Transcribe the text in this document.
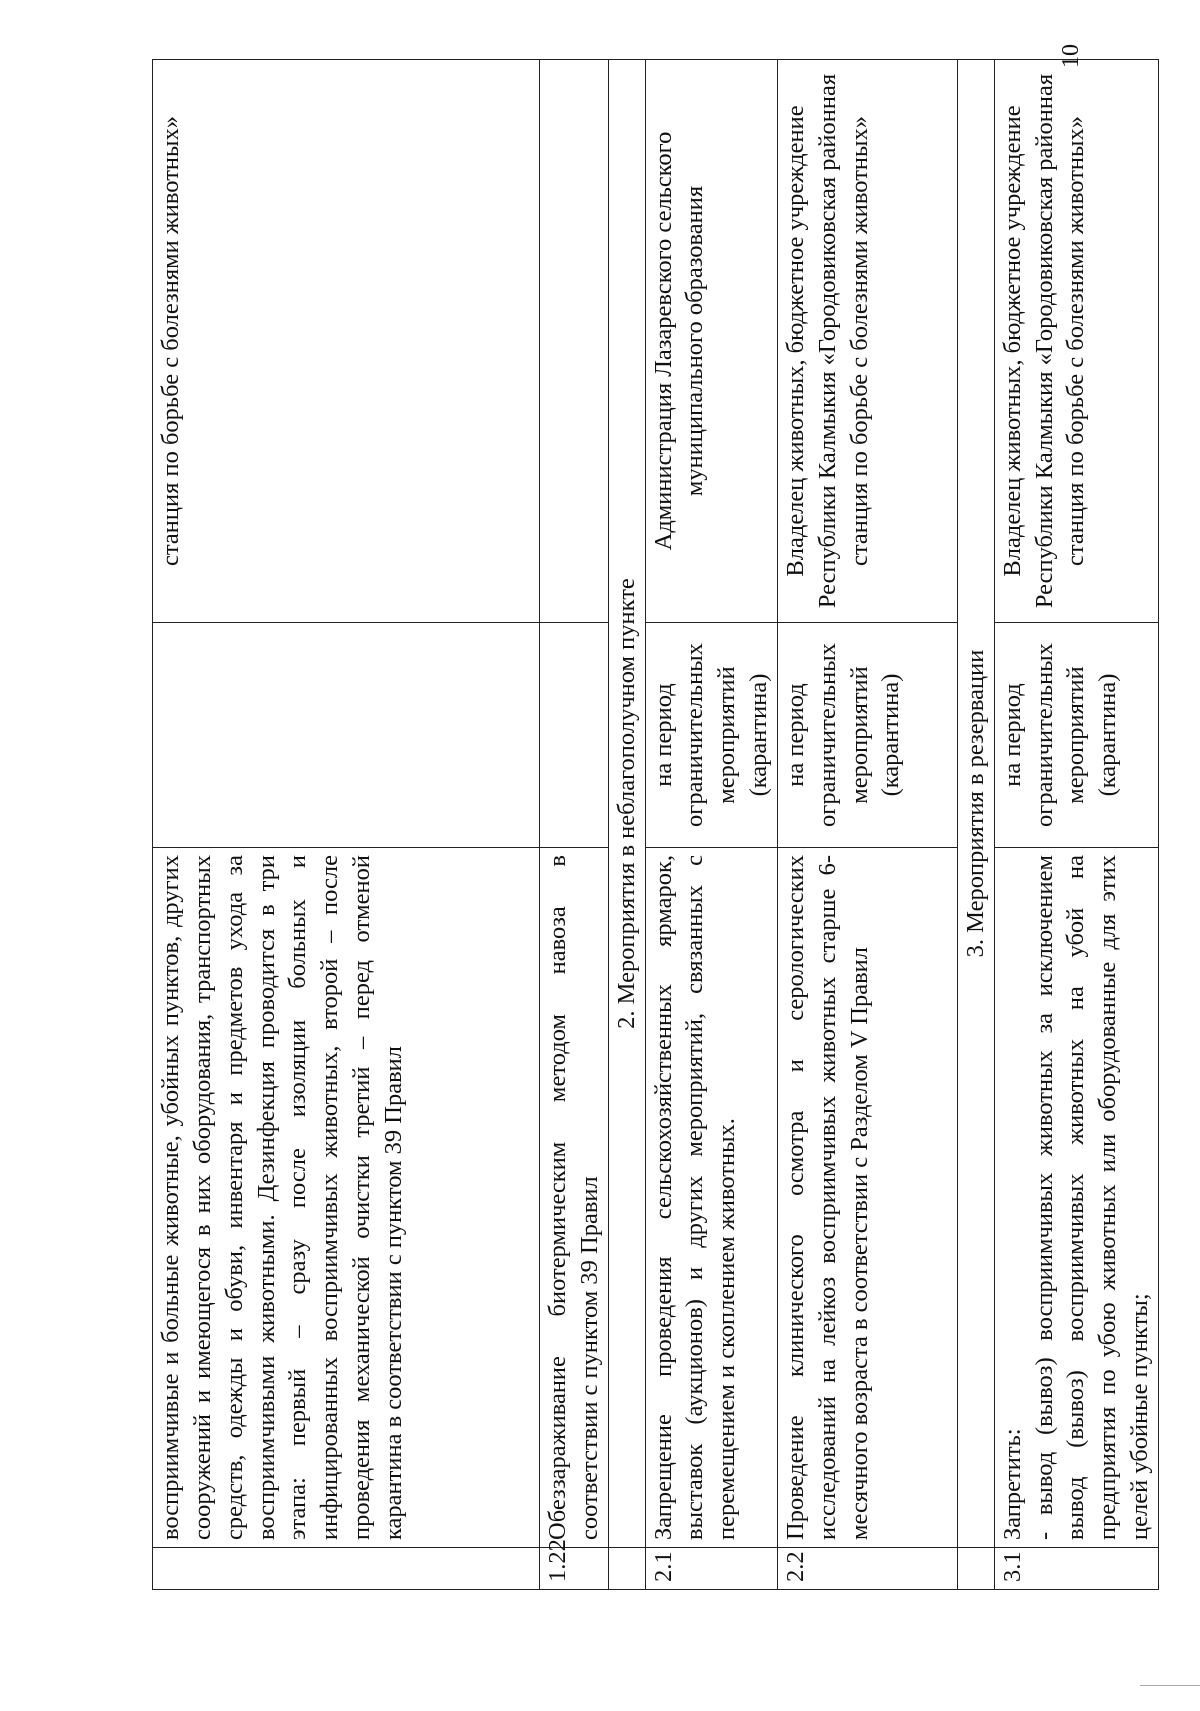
	восприимчивые и больные животные, убойных пунктов, других сооружений и имеющегося в них оборудования, транспортных средств, одежды и обуви, инвентаря и предметов ухода за восприимчивыми животными. Дезинфекция проводится в три этапа: первый – сразу после изоляции больных и инфицированных восприимчивых животных, второй – после проведения механической очистки третий – перед отменой карантина в соответствии с пунктом 39 Правил		станция по борьбе с болезнями животных»
1.22	Обеззараживание биотермическим методом навоза в соответствии с пунктом 39 Правил		
	2. Мероприятия в неблагополучном пункте		
2.1	Запрещение проведения сельскохозяйственных ярмарок, выставок (аукционов) и других мероприятий, связанных с перемещением и скоплением животных.	на период ограничительных мероприятий (карантина)	Администрация Лазаревского сельского муниципального образования
2.2	Проведение клинического осмотра и серологических исследований на лейкоз восприимчивых животных старше 6-месячного возраста в соответствии с Разделом V Правил	на период ограничительных мероприятий (карантина)	Владелец животных, бюджетное учреждение Республики Калмыкия «Городовиковская районная станция по борьбе с болезнями животных»
	3. Мероприятия в резервации		
3.1	Запретить: - вывод (вывоз) восприимчивых животных за исключением вывод (вывоз) восприимчивых животных на убой на предприятия по убою животных или оборудованные для этих целей убойные пункты;	на период ограничительных мероприятий (карантина)	Владелец животных, бюджетное учреждение Республики Калмыкия «Городовиковская районная станция по борьбе с болезнями животных»
10
